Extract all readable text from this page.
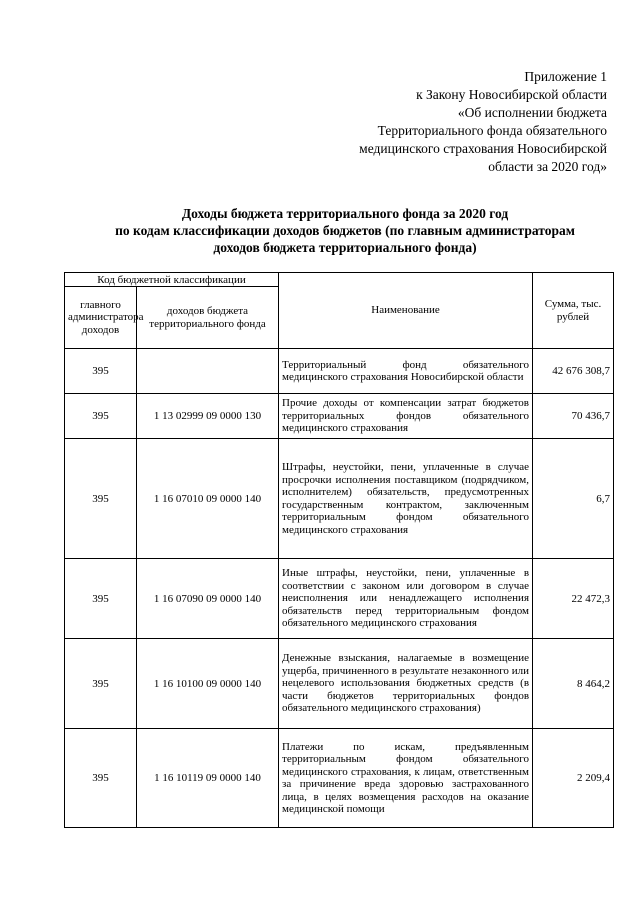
Приложение 1
к Закону Новосибирской области
«Об исполнении бюджета
Территориального фонда обязательного
медицинского страхования Новосибирской
области за 2020 год»
Доходы бюджета территориального фонда за 2020 год
по кодам классификации доходов бюджетов (по главным администраторам
доходов бюджета территориального фонда)
Код бюджетной классификации		Наименование	Сумма, тыс. рублей
главного администратора доходов	доходов бюджета территориального фонда		
395		Территориальный фонд обязательного медицинского страхования Новосибирской области	42 676 308,7
395	1 13 02999 09 0000 130	Прочие доходы от компенсации затрат бюджетов территориальных фондов обязательного медицинского страхования	70 436,7
395	1 16 07010 09 0000 140	Штрафы, неустойки, пени, уплаченные в случае просрочки исполнения поставщиком (подрядчиком, исполнителем) обязательств, предусмотренных государственным контрактом, заключенным территориальным фондом обязательного медицинского страхования	6,7
395	1 16 07090 09 0000 140	Иные штрафы, неустойки, пени, уплаченные в соответствии с законом или договором в случае неисполнения или ненадлежащего исполнения обязательств перед территориальным фондом обязательного медицинского страхования	22 472,3
395	1 16 10100 09 0000 140	Денежные взыскания, налагаемые в возмещение ущерба, причиненного в результате незаконного или нецелевого использования бюджетных средств (в части бюджетов территориальных фондов обязательного медицинского страхования)	8 464,2
395	1 16 10119 09 0000 140	Платежи по искам, предъявленным территориальным фондом обязательного медицинского страхования, к лицам, ответственным за причинение вреда здоровью застрахованного лица, в целях возмещения расходов на оказание медицинской помощи	2 209,4
